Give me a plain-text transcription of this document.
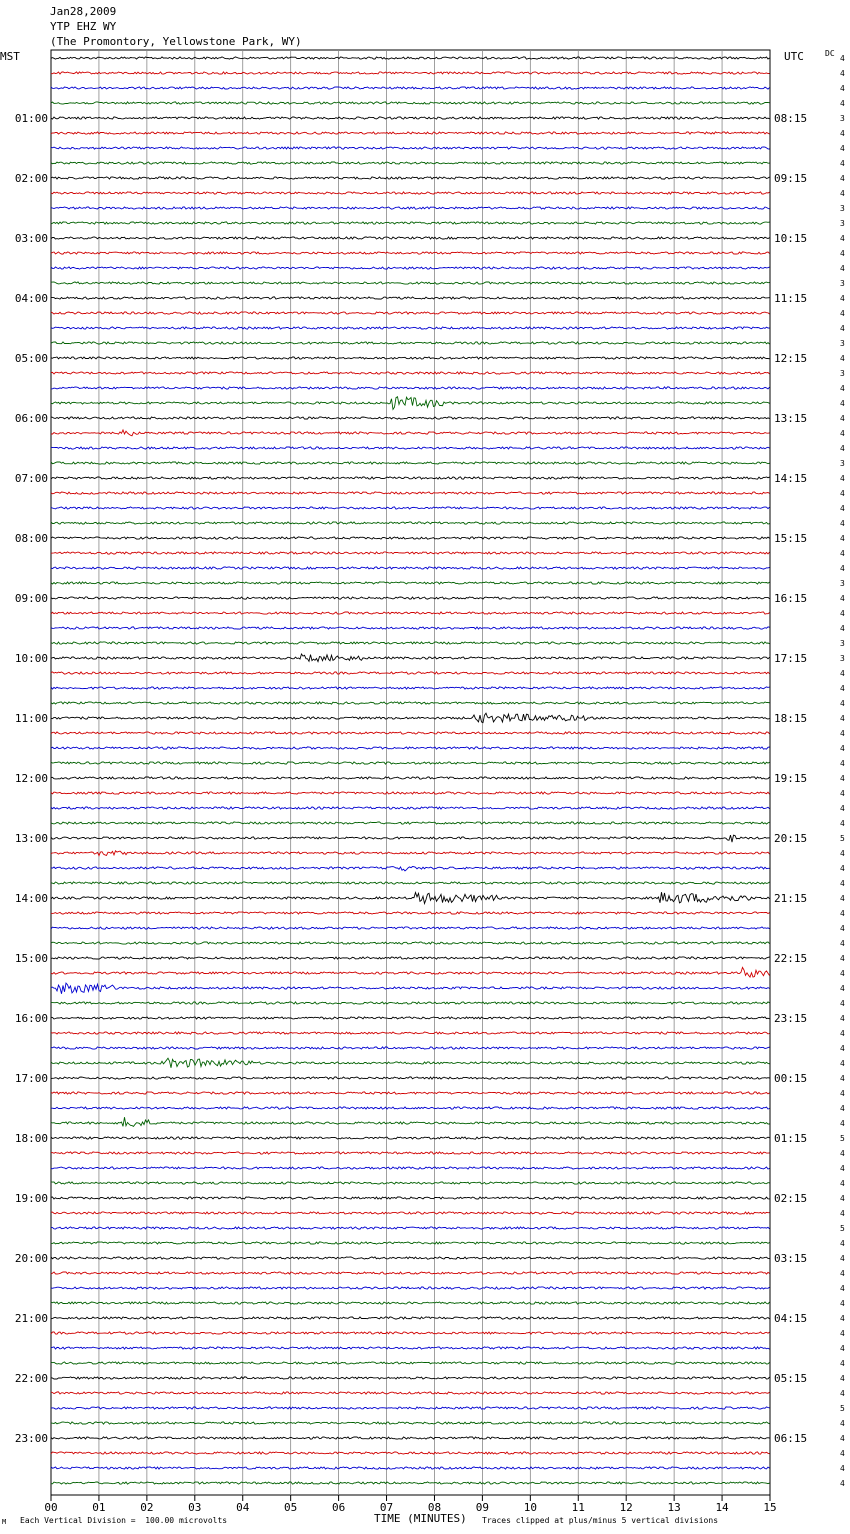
Jan28,2009
YTP EHZ WY
(The Promontory, Yellowstone Park, WY)
MST	UTC	DC
00	01	02	03	04	05	06	07	08	09	10	11	12	13	14	15
4
4
4
4
3
4
4
4
4
4
3
3
4
4
4
3
4
4
4
3
4
3
4
4
4
4
4
3
4
4
4
4
4
4
4
3
4
4
4
3
3
4
4
4
4
4
4
4
4
4
4
4
5
4
4
4
4
4
4
4
4
4
4
4
4
4
4
4
4
4
4
4
5
4
4
4
4
4
5
4
4
4
4
4
4
4
4
4
4
4
5
4
4
4
4
4
01:00	08:15
02:00	09:15
03:00	10:15
04:00	11:15
05:00	12:15
06:00	13:15
07:00	14:15
08:00	15:15
09:00	16:15
10:00	17:15
11:00	18:15
12:00	19:15
13:00	20:15
14:00	21:15
15:00	22:15
16:00	23:15
17:00	00:15
18:00	01:15
19:00	02:15
20:00	03:15
21:00	04:15
22:00	05:15
23:00	06:15
M Each Vertical Division =  100.00 microvolts	TIME (MINUTES) Traces clipped at plus/minus 5 vertical divisions
